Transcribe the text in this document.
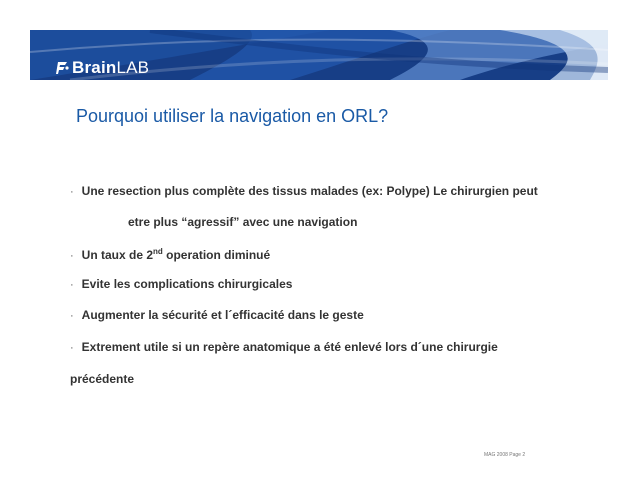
Brain LAB
Pourquoi utiliser la navigation en ORL?
· Une resection plus complète des tissus malades (ex: Polype) Le chirurgien peut
etre plus “agressif” avec une navigation
· Un taux de 2nd operation diminué
· Evite les complications chirurgicales
· Augmenter la sécurité et l´efficacité dans le geste
· Extrement utile si un repère anatomique a été enlevé lors d´une chirurgie
précédente
MAG 2008 Page 2
